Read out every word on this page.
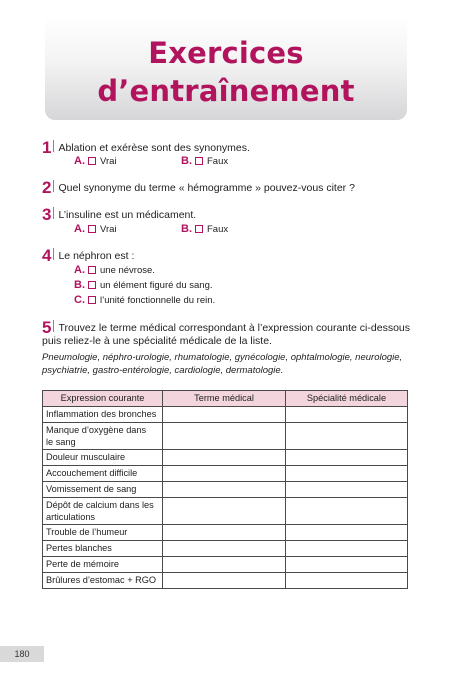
Exercices
d’entraînement
1 Ablation et exérèse sont des synonymes.
A. Vrai	B. Faux
2 Quel synonyme du terme « hémogramme » pouvez-vous citer ?
3 L’insuline est un médicament.
A. Vrai	B. Faux
4 Le néphron est :
A. une névrose.
B. un élément figuré du sang.
C. l’unité fonctionnelle du rein.
5 Trouvez le terme médical correspondant à l’expression courante ci-dessous
puis reliez-le à une spécialité médicale de la liste.
Pneumologie, néphro-urologie, rhumatologie, gynécologie, ophtalmologie, neurologie,
psychiatrie, gastro-entérologie, cardiologie, dermatologie.
Expression courante	Terme médical	Spécialité médicale
Inflammation des bronches		
Manque d’oxygène dans
le sang		
Douleur musculaire		
Accouchement difficile		
Vomissement de sang		
Dépôt de calcium dans les
articulations		
Trouble de l’humeur		
Pertes blanches		
Perte de mémoire		
Brûlures d’estomac + RGO		
180
